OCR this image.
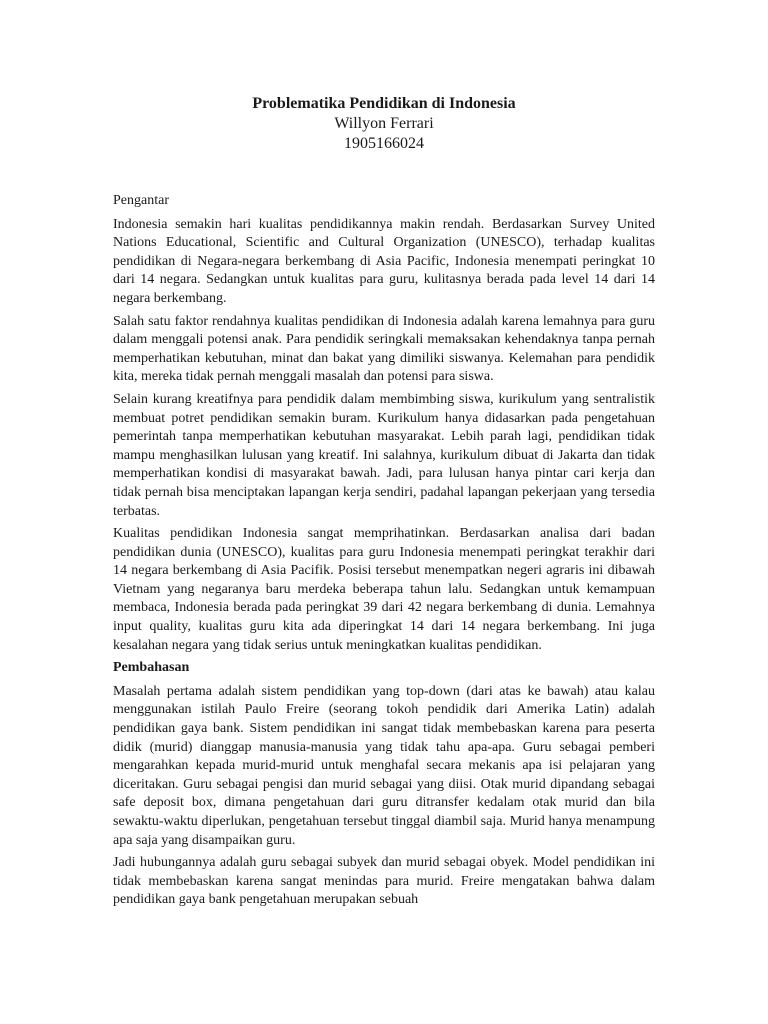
Problematika Pendidikan di Indonesia
Willyon Ferrari
1905166024
Pengantar

Indonesia semakin hari kualitas pendidikannya makin rendah. Berdasarkan Survey United Nations Educational, Scientific and Cultural Organization (UNESCO), terhadap kualitas pendidikan di Negara-negara berkembang di Asia Pacific, Indonesia menempati peringkat 10 dari 14 negara. Sedangkan untuk kualitas para guru, kulitasnya berada pada level 14 dari 14 negara berkembang.

Salah satu faktor rendahnya kualitas pendidikan di Indonesia adalah karena lemahnya para guru dalam menggali potensi anak. Para pendidik seringkali memaksakan kehendaknya tanpa pernah memperhatikan kebutuhan, minat dan bakat yang dimiliki siswanya. Kelemahan para pendidik kita, mereka tidak pernah menggali masalah dan potensi para siswa.

Selain kurang kreatifnya para pendidik dalam membimbing siswa, kurikulum yang sentralistik membuat potret pendidikan semakin buram. Kurikulum hanya didasarkan pada pengetahuan pemerintah tanpa memperhatikan kebutuhan masyarakat. Lebih parah lagi, pendidikan tidak mampu menghasilkan lulusan yang kreatif. Ini salahnya, kurikulum dibuat di Jakarta dan tidak memperhatikan kondisi di masyarakat bawah. Jadi, para lulusan hanya pintar cari kerja dan tidak pernah bisa menciptakan lapangan kerja sendiri, padahal lapangan pekerjaan yang tersedia terbatas.

Kualitas pendidikan Indonesia sangat memprihatinkan. Berdasarkan analisa dari badan pendidikan dunia (UNESCO), kualitas para guru Indonesia menempati peringkat terakhir dari 14 negara berkembang di Asia Pacifik. Posisi tersebut menempatkan negeri agraris ini dibawah Vietnam yang negaranya baru merdeka beberapa tahun lalu. Sedangkan untuk kemampuan membaca, Indonesia berada pada peringkat 39 dari 42 negara berkembang di dunia. Lemahnya input quality, kualitas guru kita ada diperingkat 14 dari 14 negara berkembang. Ini juga kesalahan negara yang tidak serius untuk meningkatkan kualitas pendidikan.

Pembahasan

Masalah pertama adalah sistem pendidikan yang top-down (dari atas ke bawah) atau kalau menggunakan istilah Paulo Freire (seorang tokoh pendidik dari Amerika Latin) adalah pendidikan gaya bank. Sistem pendidikan ini sangat tidak membebaskan karena para peserta didik (murid) dianggap manusia-manusia yang tidak tahu apa-apa. Guru sebagai pemberi mengarahkan kepada murid-murid untuk menghafal secara mekanis apa isi pelajaran yang diceritakan. Guru sebagai pengisi dan murid sebagai yang diisi. Otak murid dipandang sebagai safe deposit box, dimana pengetahuan dari guru ditransfer kedalam otak murid dan bila sewaktu-waktu diperlukan, pengetahuan tersebut tinggal diambil saja. Murid hanya menampung apa saja yang disampaikan guru.

Jadi hubungannya adalah guru sebagai subyek dan murid sebagai obyek. Model pendidikan ini tidak membebaskan karena sangat menindas para murid. Freire mengatakan bahwa dalam pendidikan gaya bank pengetahuan merupakan sebuah
